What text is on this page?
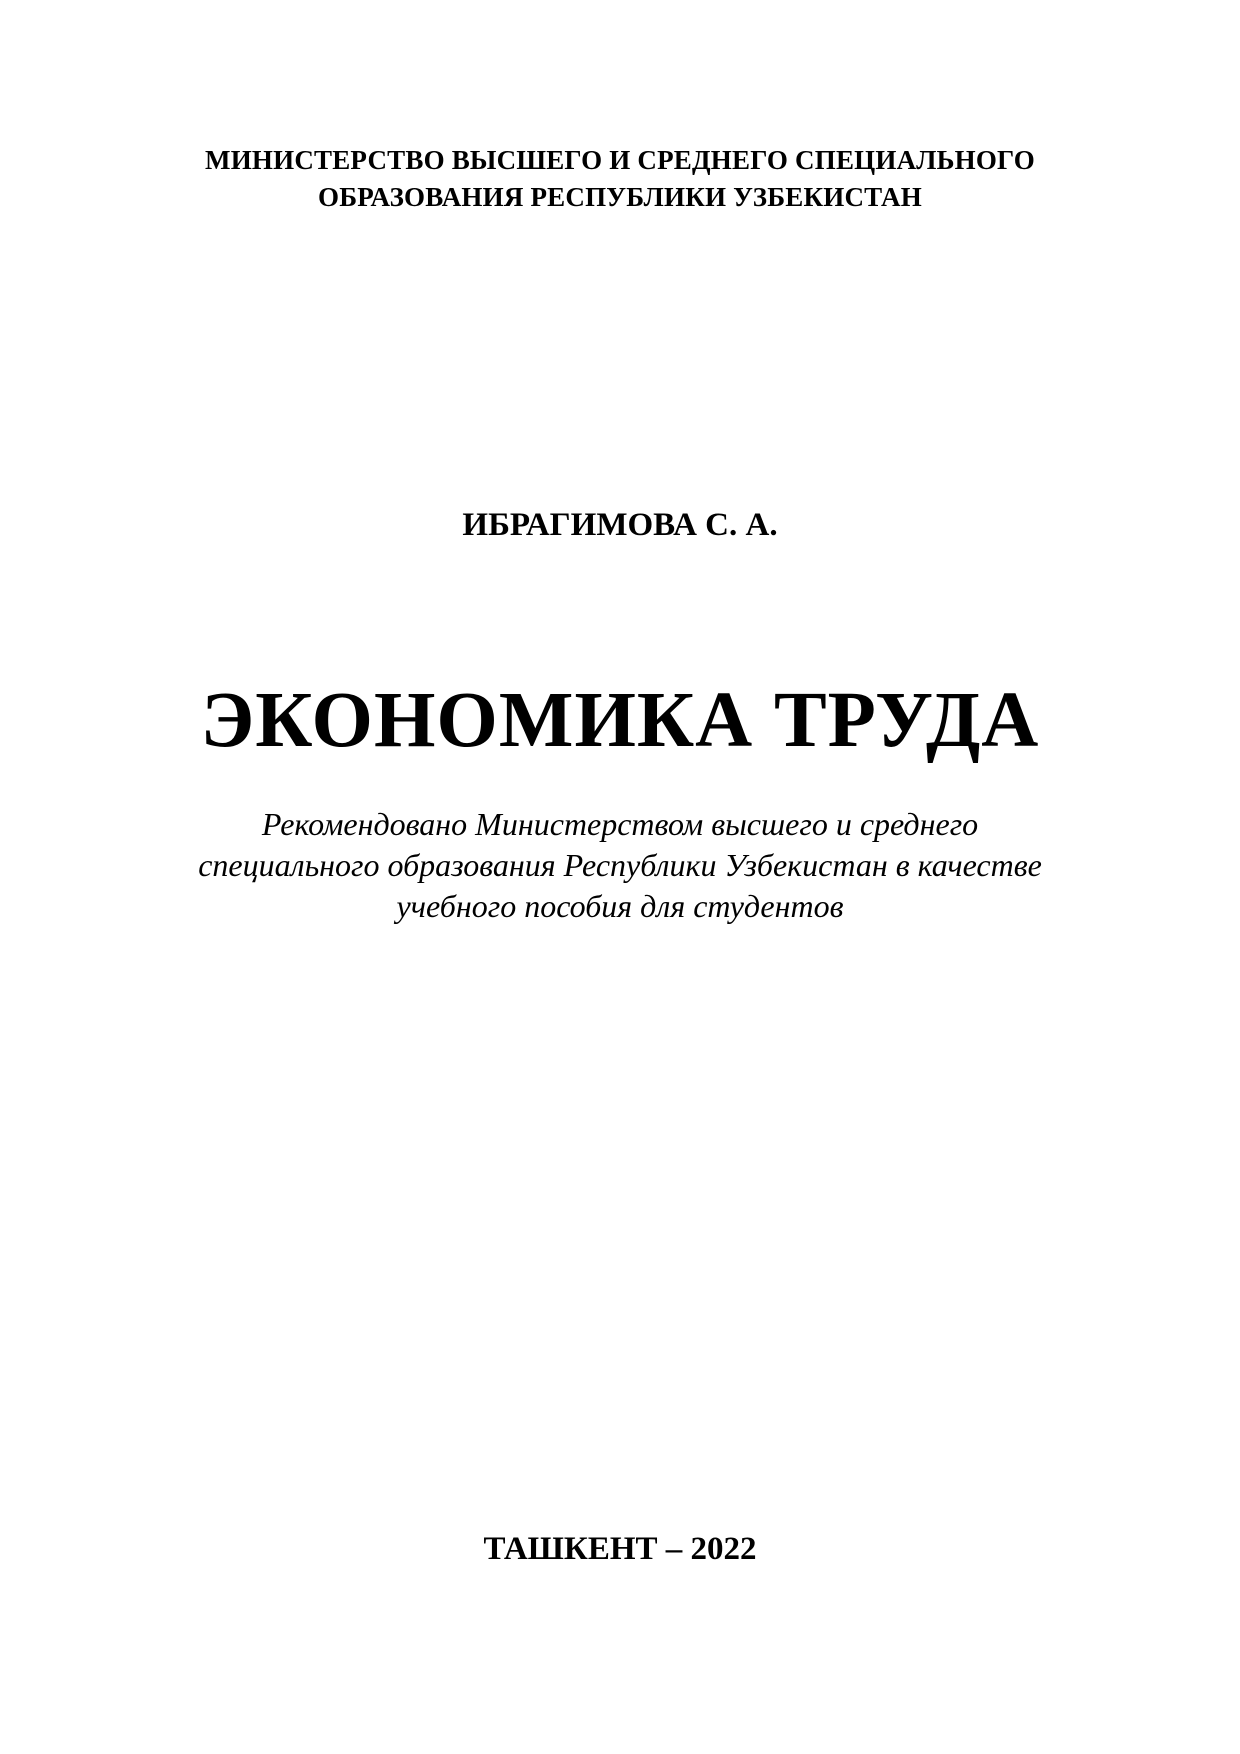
МИНИСТЕРСТВО ВЫСШЕГО И СРЕДНЕГО СПЕЦИАЛЬНОГО
ОБРАЗОВАНИЯ РЕСПУБЛИКИ УЗБЕКИСТАН
ИБРАГИМОВА С. А.
ЭКОНОМИКА ТРУДА
Рекомендовано Министерством высшего и среднего
специального образования Республики Узбекистан в качестве
учебного пособия для студентов
ТАШКЕНТ – 2022
